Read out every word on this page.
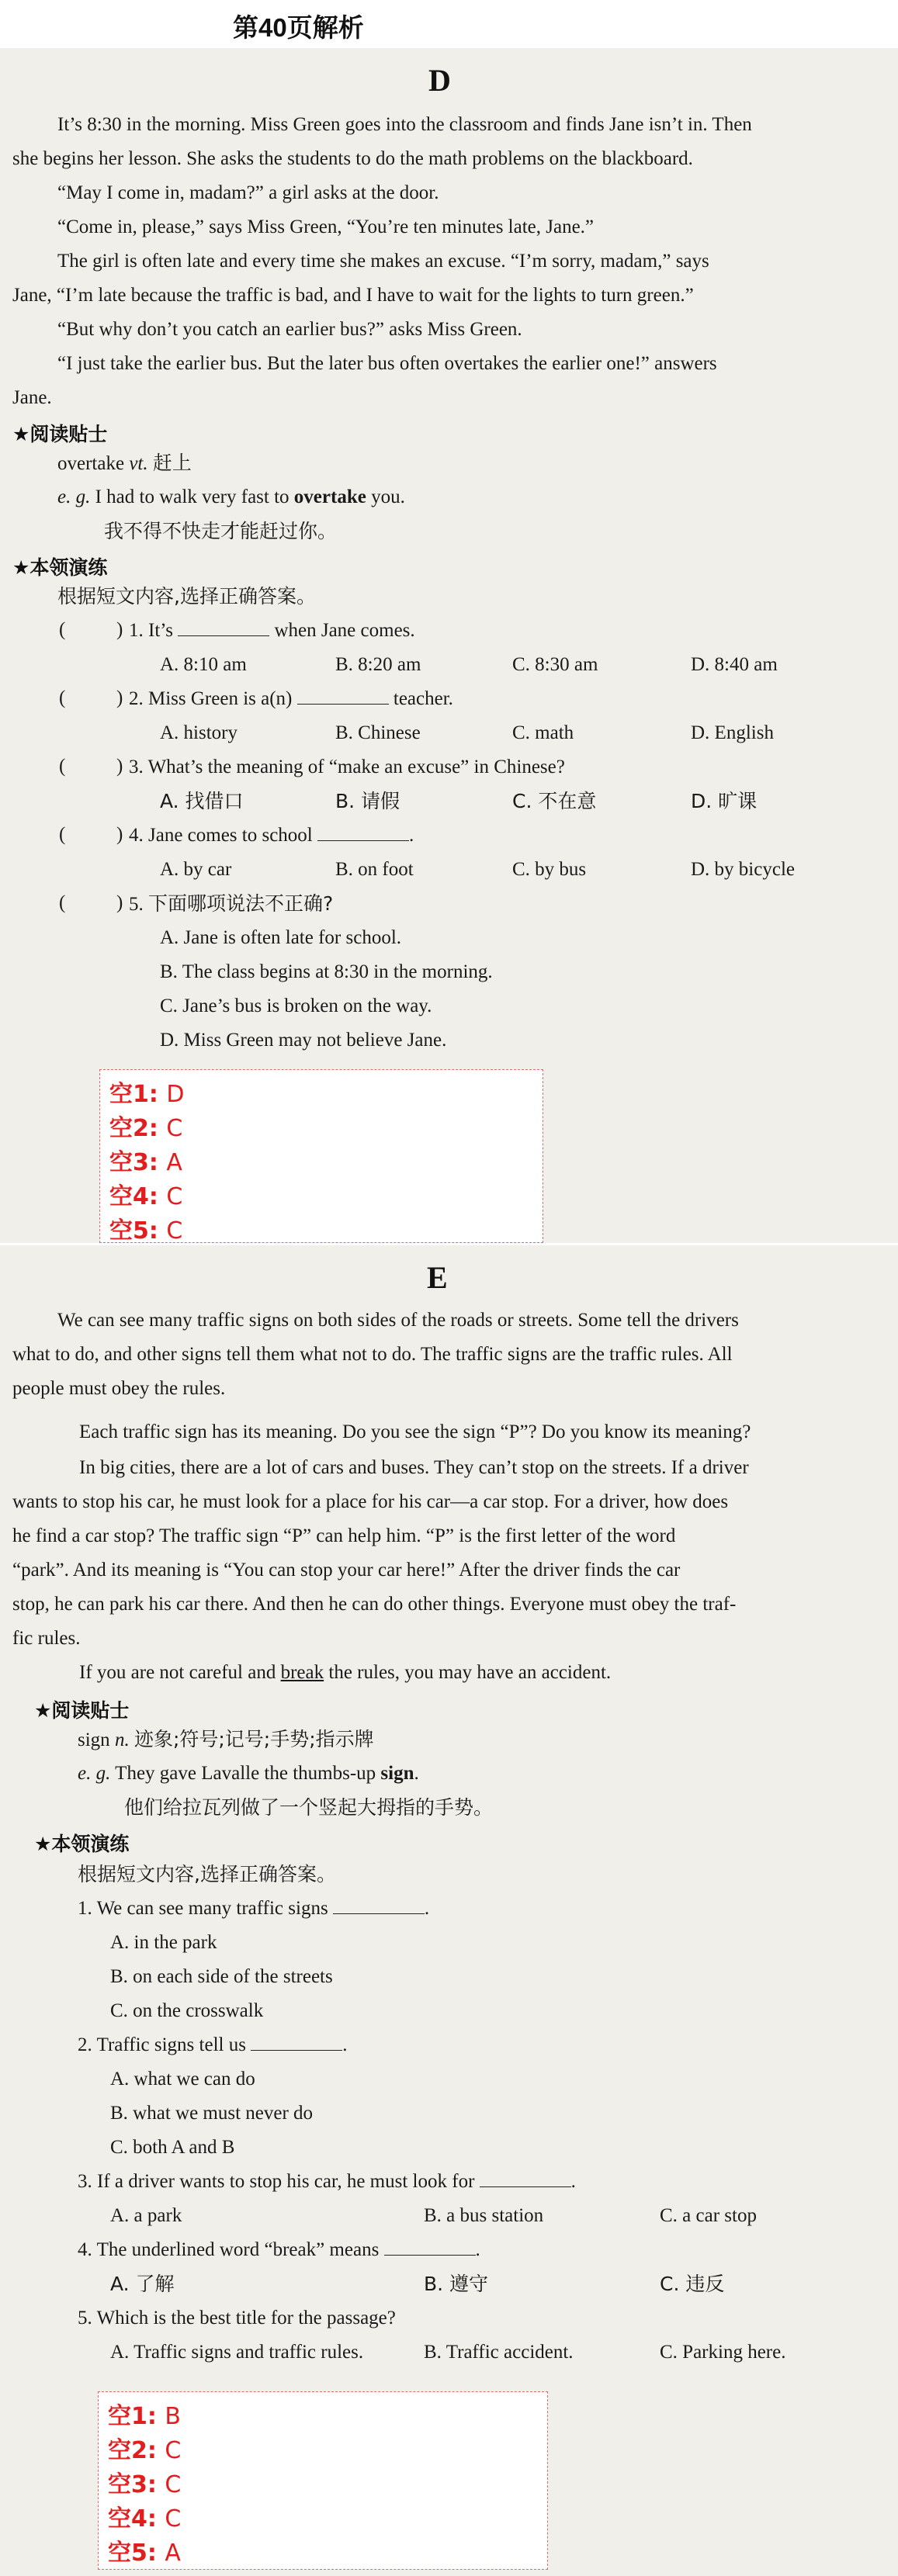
第40页解析
D
It’s 8:30 in the morning. Miss Green goes into the classroom and finds Jane isn’t in. Then
she begins her lesson. She asks the students to do the math problems on the blackboard.
“May I come in, madam?” a girl asks at the door.
“Come in, please,” says Miss Green, “You’re ten minutes late, Jane.”
The girl is often late and every time she makes an excuse. “I’m sorry, madam,” says
Jane, “I’m late because the traffic is bad, and I have to wait for the lights to turn green.”
“But why don’t you catch an earlier bus?” asks Miss Green.
“I just take the earlier bus. But the later bus often overtakes the earlier one!” answers
Jane.
★阅读贴士
overtake vt. 赶上
e. g. I had to walk very fast to overtake you.
我不得不快走才能赶过你。
★本领演练
根据短文内容,选择正确答案。
(	) 1. It’s	when Jane comes.
A. 8:10 am	B. 8:20 am	C. 8:30 am	D. 8:40 am
(	) 2. Miss Green is a(n)	teacher.
A. history	B. Chinese	C. math	D. English
(	) 3. What’s the meaning of “make an excuse” in Chinese?
A. 找借口	B. 请假	C. 不在意	D. 旷课
(	) 4. Jane comes to school	.
A. by car	B. on foot	C. by bus	D. by bicycle
(	) 5. 下面哪项说法不正确?
A. Jane is often late for school.
B. The class begins at 8:30 in the morning.
C. Jane’s bus is broken on the way.
D. Miss Green may not believe Jane.
空1: D
空2: C
空3: A
空4: C
空5: C
E
We can see many traffic signs on both sides of the roads or streets. Some tell the drivers
what to do, and other signs tell them what not to do. The traffic signs are the traffic rules. All
people must obey the rules.
Each traffic sign has its meaning. Do you see the sign “P”? Do you know its meaning?
In big cities, there are a lot of cars and buses. They can’t stop on the streets. If a driver
wants to stop his car, he must look for a place for his car—a car stop. For a driver, how does
he find a car stop? The traffic sign “P” can help him. “P” is the first letter of the word
“park”. And its meaning is “You can stop your car here!” After the driver finds the car
stop, he can park his car there. And then he can do other things. Everyone must obey the traf-
fic rules.
If you are not careful and break the rules, you may have an accident.
★阅读贴士
sign n. 迹象;符号;记号;手势;指示牌
e. g. They gave Lavalle the thumbs-up sign.
他们给拉瓦列做了一个竖起大拇指的手势。
★本领演练
根据短文内容,选择正确答案。
1. We can see many traffic signs	.
A. in the park
B. on each side of the streets
C. on the crosswalk
2. Traffic signs tell us	.
A. what we can do
B. what we must never do
C. both A and B
3. If a driver wants to stop his car, he must look for	.
A. a park	B. a bus station	C. a car stop
4. The underlined word “break” means	.
A. 了解	B. 遵守	C. 违反
5. Which is the best title for the passage?
A. Traffic signs and traffic rules.	B. Traffic accident.	C. Parking here.
空1: B
空2: C
空3: C
空4: C
空5: A
